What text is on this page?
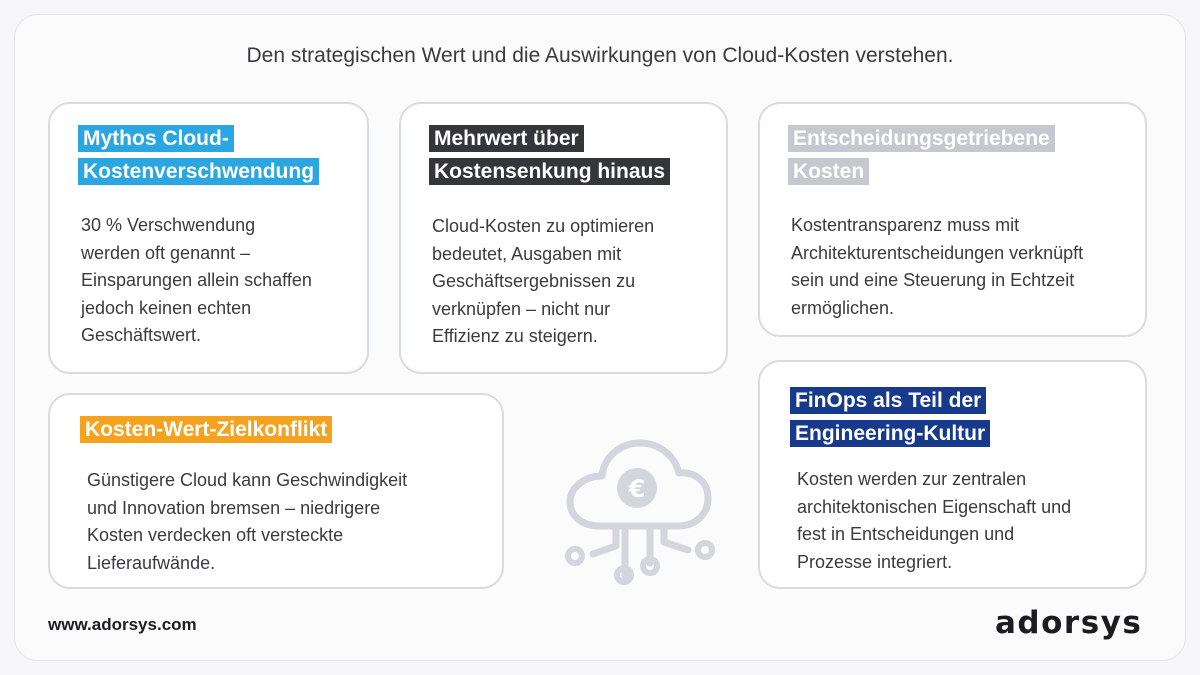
Den strategischen Wert und die Auswirkungen von Cloud-Kosten verstehen.
Mythos Cloud-
Kostenverschwendung

30 % Verschwendung
werden oft genannt –
Einsparungen allein schaffen
jedoch keinen echten
Geschäftswert.

Mehrwert über
Kostensenkung hinaus

Cloud-Kosten zu optimieren
bedeutet, Ausgaben mit
Geschäftsergebnissen zu
verknüpfen – nicht nur
Effizienz zu steigern.

Entscheidungsgetriebene
Kosten

Kostentransparenz muss mit
Architekturentscheidungen verknüpft
sein und eine Steuerung in Echtzeit
ermöglichen.

Kosten-Wert-Zielkonflikt

Günstigere Cloud kann Geschwindigkeit
und Innovation bremsen – niedrigere
Kosten verdecken oft versteckte
Lieferaufwände.

FinOps als Teil der
Engineering-Kultur

Kosten werden zur zentralen
architektonischen Eigenschaft und
fest in Entscheidungen und
Prozesse integriert.

€
www.adorsys.com	adorsys
